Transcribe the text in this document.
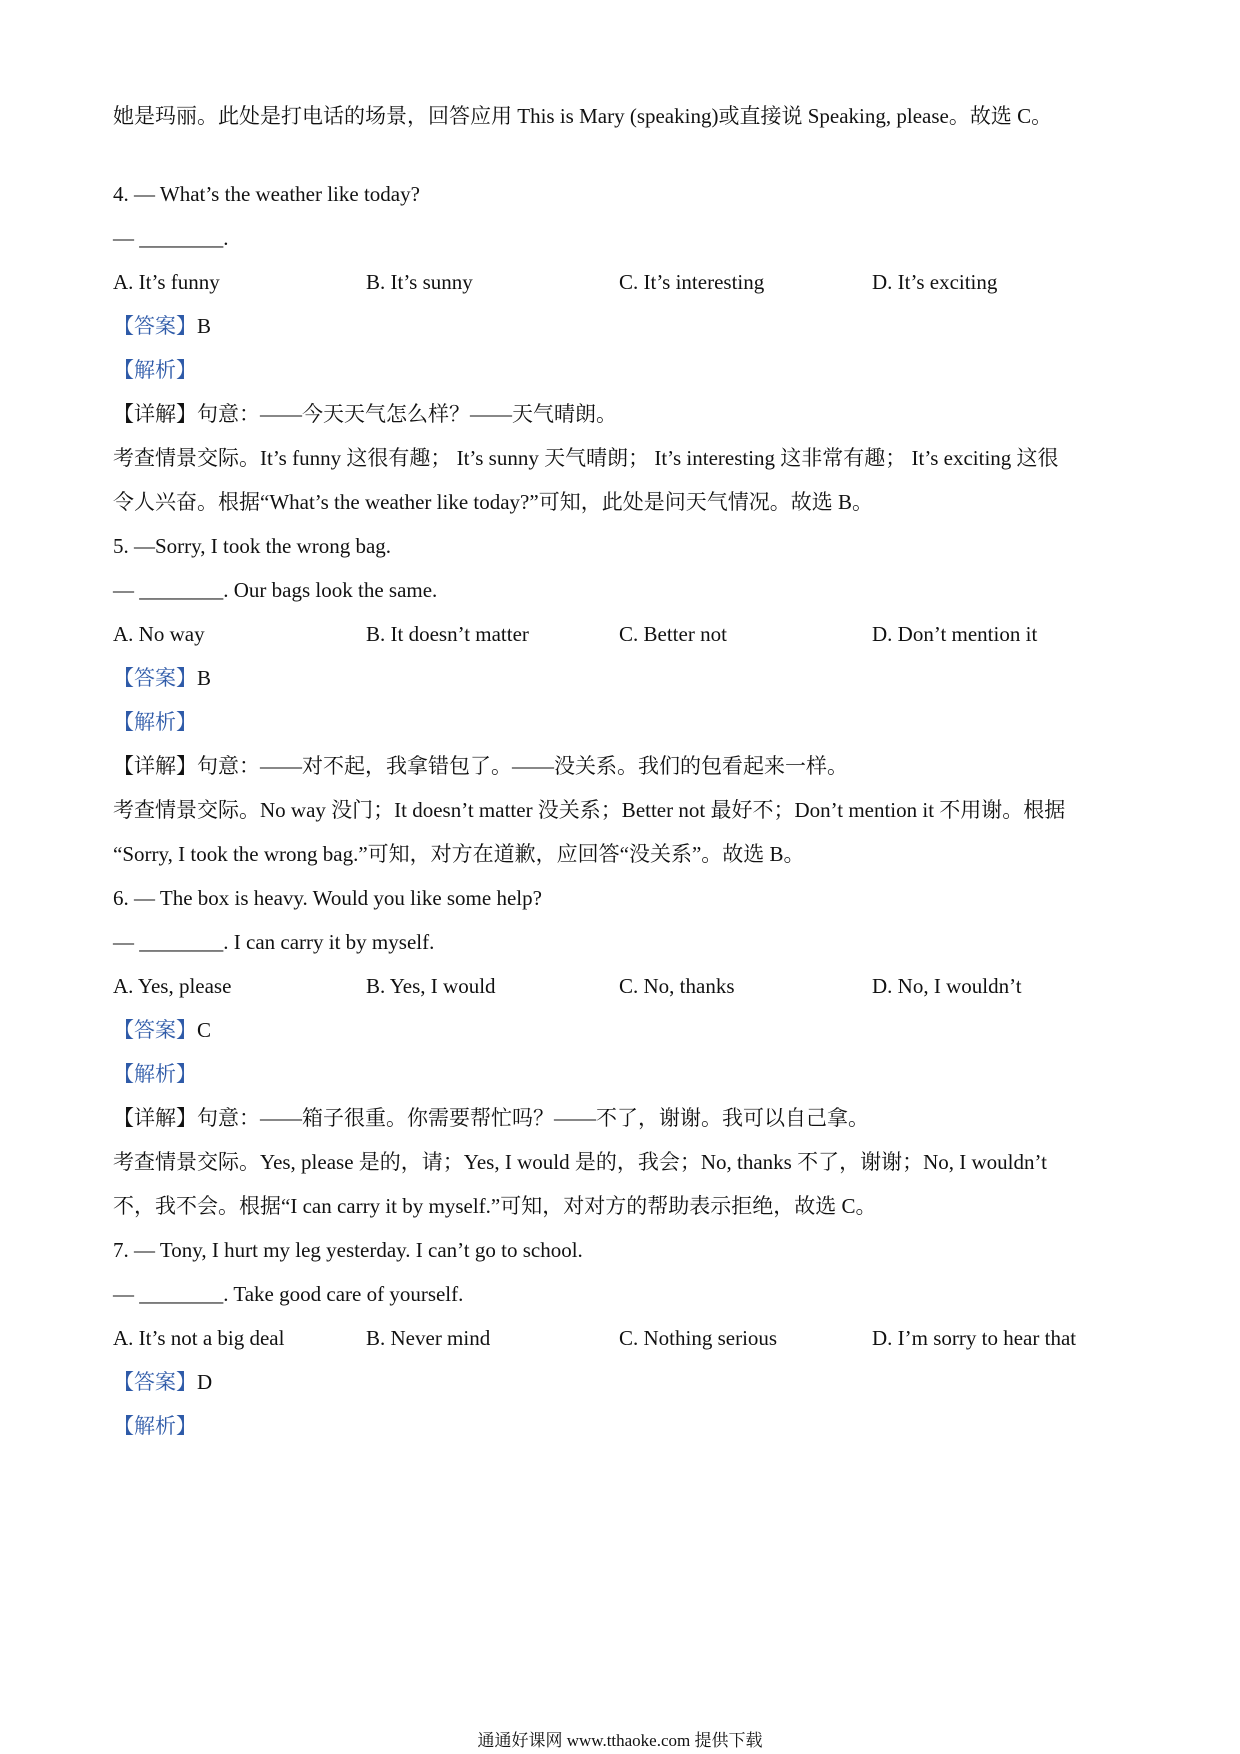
她是玛丽。此处是打电话的场景，回答应用 This is Mary (speaking)或直接说 Speaking, please。故选 C。
4. — What’s the weather like today?
— ________.
A. It’s funny	B. It’s sunny	C. It’s interesting	D. It’s exciting
【答案】B
【解析】
【详解】句意：——今天天气怎么样？——天气晴朗。
考查情景交际。It’s funny 这很有趣； It’s sunny 天气晴朗； It’s interesting 这非常有趣； It’s exciting 这很
令人兴奋。根据“What’s the weather like today?”可知，此处是问天气情况。故选 B。
5. —Sorry, I took the wrong bag.
— ________. Our bags look the same.
A. No way	B. It doesn’t matter	C. Better not	D. Don’t mention it
【答案】B
【解析】
【详解】句意：——对不起，我拿错包了。——没关系。我们的包看起来一样。
考查情景交际。No way 没门；It doesn’t matter 没关系；Better not 最好不；Don’t mention it 不用谢。根据
“Sorry, I took the wrong bag.”可知，对方在道歉，应回答“没关系”。故选 B。
6. — The box is heavy. Would you like some help?
— ________. I can carry it by myself.
A. Yes, please	B. Yes, I would	C. No, thanks	D. No, I wouldn’t
【答案】C
【解析】
【详解】句意：——箱子很重。你需要帮忙吗？——不了，谢谢。我可以自己拿。
考查情景交际。Yes, please 是的，请；Yes, I would 是的，我会；No, thanks 不了，谢谢；No, I wouldn’t
不，我不会。根据“I can carry it by myself.”可知，对对方的帮助表示拒绝，故选 C。
7. — Tony, I hurt my leg yesterday. I can’t go to school.
— ________. Take good care of yourself.
A. It’s not a big deal	B. Never mind	C. Nothing serious	D. I’m sorry to hear that
【答案】D
【解析】
通通好课网 www.tthaoke.com 提供下载
